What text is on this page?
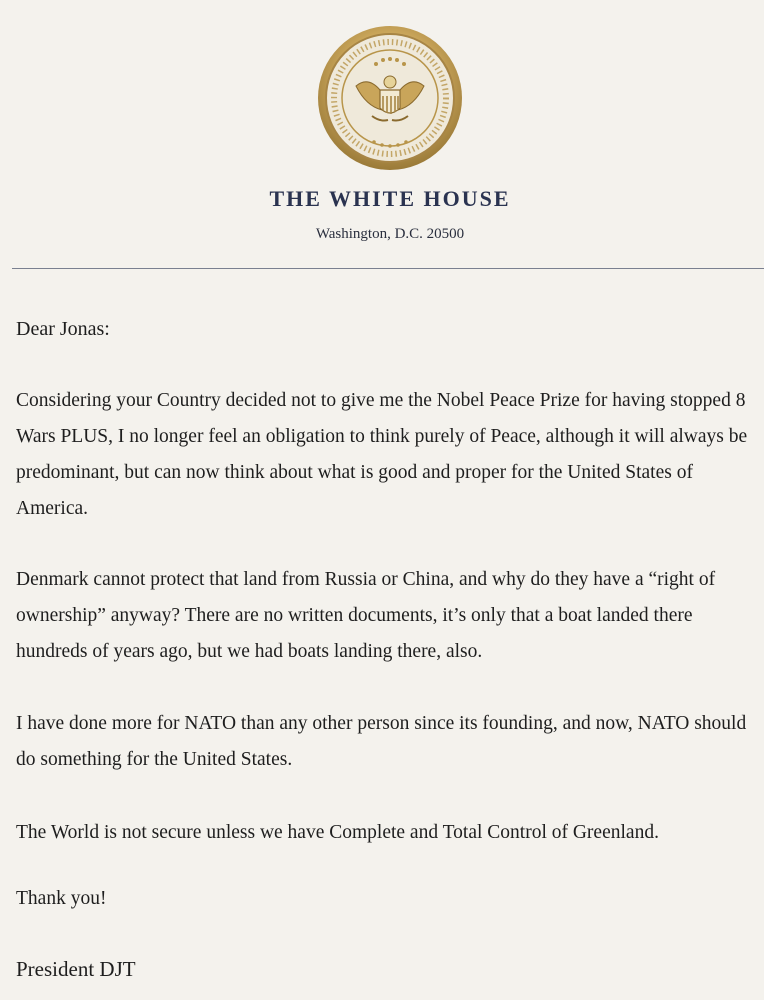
THE WHITE HOUSE
Washington, D.C. 20500

Dear Jonas:

Considering your Country decided not to give me the Nobel Peace Prize for having stopped 8 Wars PLUS, I no longer feel an obligation to think purely of Peace, although it will always be predominant, but can now think about what is good and proper for the United States of America.

Denmark cannot protect that land from Russia or China, and why do they have a “right of ownership” anyway? There are no written documents, it’s only that a boat landed there hundreds of years ago, but we had boats landing there, also.

I have done more for NATO than any other person since its founding, and now, NATO should do something for the United States.

The World is not secure unless we have Complete and Total Control of Greenland.

Thank you!

President DJT
